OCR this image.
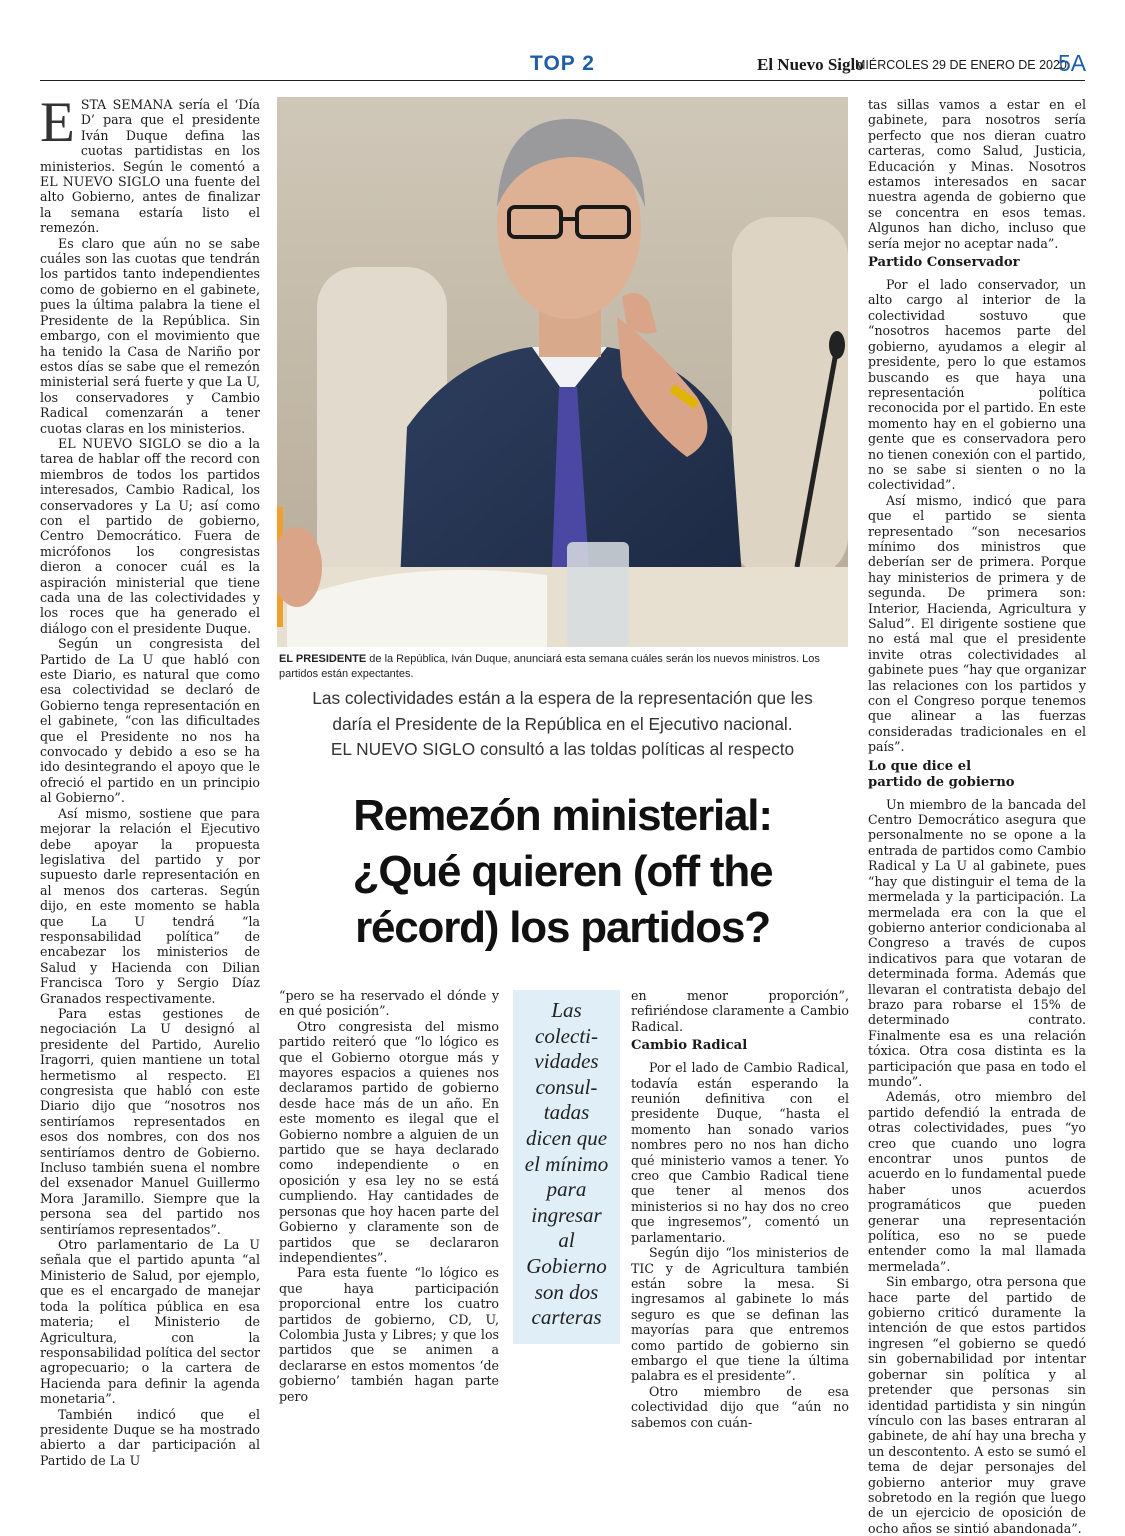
TOP 2	El Nuevo Siglo
MIÉRCOLES 29 DE ENERO DE 2020
5A

ESTA SEMANA sería el ‘Día D’ para que el presidente Iván Duque defina las cuotas partidistas en los ministerios. Según le comentó a EL NUEVO SIGLO una fuente del alto Gobierno, antes de finalizar la semana estaría listo el remezón.

Es claro que aún no se sabe cuáles son las cuotas que tendrán los partidos tanto independientes como de gobierno en el gabinete, pues la última palabra la tiene el Presidente de la República. Sin embargo, con el movimiento que ha tenido la Casa de Nariño por estos días se sabe que el remezón ministerial será fuerte y que La U, los conservadores y Cambio Radical comenzarán a tener cuotas claras en los ministerios.

EL NUEVO SIGLO se dio a la tarea de hablar off the record con miembros de todos los partidos interesados, Cambio Radical, los conservadores y La U; así como con el partido de gobierno, Centro Democrático. Fuera de micrófonos los congresistas dieron a conocer cuál es la aspiración ministerial que tiene cada una de las colectividades y los roces que ha generado el diálogo con el presidente Duque.

Según un congresista del Partido de La U que habló con este Diario, es natural que como esa colectividad se declaró de Gobierno tenga representación en el gabinete, “con las dificultades que el Presidente no nos ha convocado y debido a eso se ha ido desintegrando el apoyo que le ofreció el partido en un principio al Gobierno”.

Así mismo, sostiene que para mejorar la relación el Ejecutivo debe apoyar la propuesta legislativa del partido y por supuesto darle representación en al menos dos carteras. Según dijo, en este momento se habla que La U tendrá “la responsabilidad política” de encabezar los ministerios de Salud y Hacienda con Dilian Francisca Toro y Sergio Díaz Granados respectivamente.

Para estas gestiones de negociación La U designó al presidente del Partido, Aurelio Iragorri, quien mantiene un total hermetismo al respecto. El congresista que habló con este Diario dijo que “nosotros nos sentiríamos representados en esos dos nombres, con dos nos sentiríamos dentro de Gobierno. Incluso también suena el nombre del exsenador Manuel Guillermo Mora Jaramillo. Siempre que la persona sea del partido nos sentiríamos representados”.

Otro parlamentario de La U señala que el partido apunta “al Ministerio de Salud, por ejemplo, que es el encargado de manejar toda la política pública en esa materia; el Ministerio de Agricultura, con la responsabilidad política del sector agropecuario; o la cartera de Hacienda para definir la agenda monetaria”.

También indicó que el presidente Duque se ha mostrado abierto a dar participación al Partido de La U

EL PRESIDENTE de la República, Iván Duque, anunciará esta semana cuáles serán los nuevos ministros. Los partidos están expectantes.
Las colectividades están a la espera de la representación que les
daría el Presidente de la República en el Ejecutivo nacional.
EL NUEVO SIGLO consultó a las toldas políticas al respecto
Remezón ministerial:
¿Qué quieren (off the
récord) los partidos?

“pero se ha reservado el dónde y en qué posición”.

Otro congresista del mismo partido reiteró que “lo lógico es que el Gobierno otorgue más y mayores espacios a quienes nos declaramos partido de gobierno desde hace más de un año. En este momento es ilegal que el Gobierno nombre a alguien de un partido que se haya declarado como independiente o en oposición y esa ley no se está cumpliendo. Hay cantidades de personas que hoy hacen parte del Gobierno y claramente son de partidos que se declararon independientes”.

Para esta fuente “lo lógico es que haya participación proporcional entre los cuatro partidos de gobierno, CD, U, Colombia Justa y Libres; y que los partidos que se animen a declararse en estos momentos ‘de gobierno’ también hagan parte pero

Las
colecti-
vidades
consul-
tadas
dicen que
el mínimo
para
ingresar
al
Gobierno
son dos
carteras

en menor proporción”, refiriéndose claramente a Cambio Radical.

Cambio Radical

Por el lado de Cambio Radical, todavía están esperando la reunión definitiva con el presidente Duque, “hasta el momento han sonado varios nombres pero no nos han dicho qué ministerio vamos a tener. Yo creo que Cambio Radical tiene que tener al menos dos ministerios si no hay dos no creo que ingresemos”, comentó un parlamentario.

Según dijo “los ministerios de TIC y de Agricultura también están sobre la mesa. Si ingresamos al gabinete lo más seguro es que se definan las mayorías para que entremos como partido de gobierno sin embargo el que tiene la última palabra es el presidente”.

Otro miembro de esa colectividad dijo que “aún no sabemos con cuán-

tas sillas vamos a estar en el gabinete, para nosotros sería perfecto que nos dieran cuatro carteras, como Salud, Justicia, Educación y Minas. Nosotros estamos interesados en sacar nuestra agenda de gobierno que se concentra en esos temas. Algunos han dicho, incluso que sería mejor no aceptar nada”.

Partido Conservador

Por el lado conservador, un alto cargo al interior de la colectividad sostuvo que “nosotros hacemos parte del gobierno, ayudamos a elegir al presidente, pero lo que estamos buscando es que haya una representación política reconocida por el partido. En este momento hay en el gobierno una gente que es conservadora pero no tienen conexión con el partido, no se sabe si sienten o no la colectividad”.

Así mismo, indicó que para que el partido se sienta representado “son necesarios mínimo dos ministros que deberían ser de primera. Porque hay ministerios de primera y de segunda. De primera son: Interior, Hacienda, Agricultura y Salud”. El dirigente sostiene que no está mal que el presidente invite otras colectividades al gabinete pues “hay que organizar las relaciones con los partidos y con el Congreso porque tenemos que alinear a las fuerzas consideradas tradicionales en el país”.

Lo que dice el
partido de gobierno

Un miembro de la bancada del Centro Democrático asegura que personalmente no se opone a la entrada de partidos como Cambio Radical y La U al gabinete, pues “hay que distinguir el tema de la mermelada y la participación. La mermelada era con la que el gobierno anterior condicionaba al Congreso a través de cupos indicativos para que votaran de determinada forma. Además que llevaran el contratista debajo del brazo para robarse el 15% de determinado contrato. Finalmente esa es una relación tóxica. Otra cosa distinta es la participación que pasa en todo el mundo”.

Además, otro miembro del partido defendió la entrada de otras colectividades, pues “yo creo que cuando uno logra encontrar unos puntos de acuerdo en lo fundamental puede haber unos acuerdos programáticos que pueden generar una representación política, eso no se puede entender como la mal llamada mermelada”.

Sin embargo, otra persona que hace parte del partido de gobierno criticó duramente la intención de que estos partidos ingresen “el gobierno se quedó sin gobernabilidad por intentar gobernar sin política y al pretender que personas sin identidad partidista y sin ningún vínculo con las bases entraran al gabinete, de ahí hay una brecha y un descontento. A esto se sumó el tema de dejar personajes del gobierno anterior muy grave sobretodo en la región que luego de un ejercicio de oposición de ocho años se sintió abandonada”.
